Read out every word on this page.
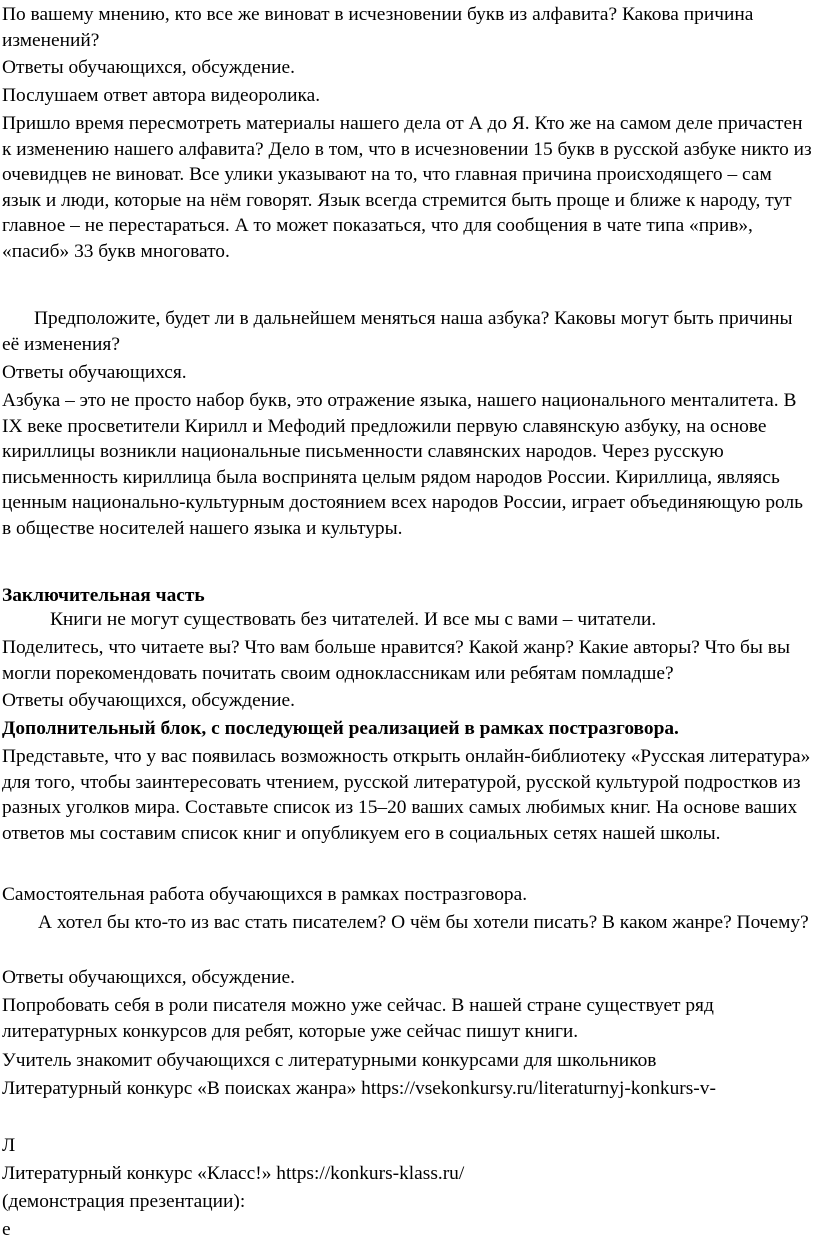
По вашему мнению, кто все же виноват в исчезновении букв из алфавита? Какова причина изменений?

Ответы обучающихся, обсуждение.

Послушаем ответ автора видеоролика.

Пришло время пересмотреть материалы нашего дела от А до Я. Кто же на самом деле причастен к изменению нашего алфавита? Дело в том, что в исчезновении 15 букв в русской азбуке никто из очевидцев не виноват. Все улики указывают на то, что главная причина происходящего – сам язык и люди, которые на нём говорят. Язык всегда стремится быть проще и ближе к народу, тут главное – не перестараться. А то может показаться, что для сообщения в чате типа «прив», «пасиб» 33 букв многовато.

Предположите, будет ли в дальнейшем меняться наша азбука? Каковы могут быть причины её изменения?

Ответы обучающихся.

Азбука – это не просто набор букв, это отражение языка, нашего национального менталитета. В IX веке просветители Кирилл и Мефодий предложили первую славянскую азбуку, на основе кириллицы возникли национальные письменности славянских народов. Через русскую письменность кириллица была воспринята целым рядом народов России. Кириллица, являясь ценным национально-культурным достоянием всех народов России, играет объединяющую роль в обществе носителей нашего языка и культуры.

Заключительная часть

Книги не могут существовать без читателей. И все мы с вами – читатели.

Поделитесь, что читаете вы? Что вам больше нравится? Какой жанр? Какие авторы? Что бы вы могли порекомендовать почитать своим одноклассникам или ребятам помладше?

Ответы обучающихся, обсуждение.

Дополнительный блок, с последующей реализацией в рамках постразговора.

Представьте, что у вас появилась возможность открыть онлайн-библиотеку «Русская литература» для того, чтобы заинтересовать чтением, русской литературой, русской культурой подростков из разных уголков мира. Составьте список из 15–20 ваших самых любимых книг. На основе ваших ответов мы составим список книг и опубликуем его в социальных сетях нашей школы.

Самостоятельная работа обучающихся в рамках постразговора.

А хотел бы кто-то из вас стать писателем? О чём бы хотели писать? В каком жанре? Почему?

Ответы обучающихся, обсуждение.

Попробовать себя в роли писателя можно уже сейчас. В нашей стране существует ряд литературных конкурсов для ребят, которые уже сейчас пишут книги.

Учитель знакомит обучающихся с литературными конкурсами для школьников

Литературный конкурс «В поисках жанра» https://vsekonkursy.ru/literaturnyj-konkurs-v-

Л

Литературный конкурс «Класс!» https://konkurs-klass.ru/

(демонстрация презентации):

е
